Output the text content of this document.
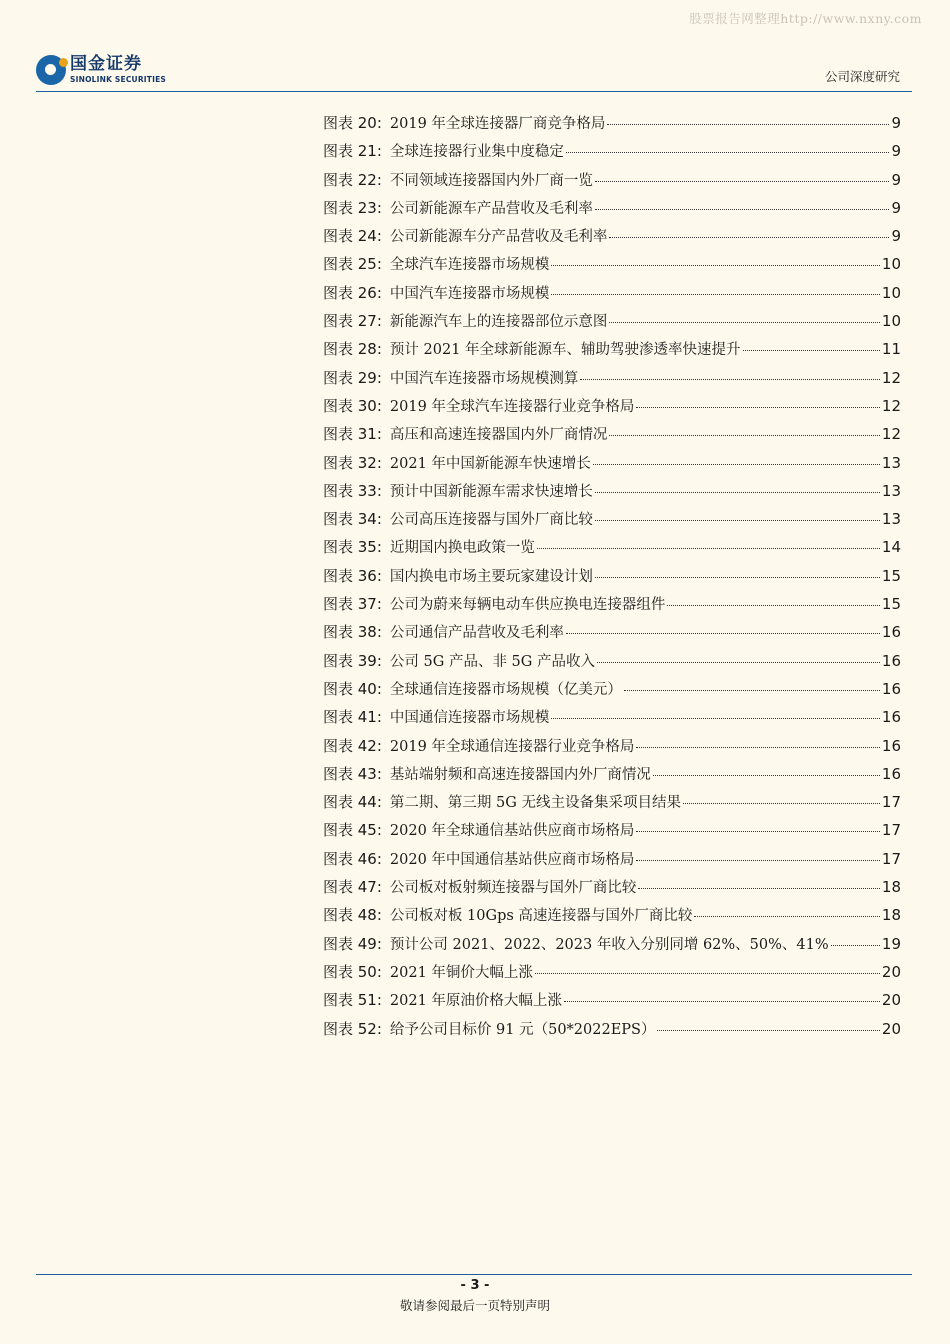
股票报告网整理http://www.nxny.com
国金证券
SINOLINK SECURITIES	公司深度研究
图表 20 : 2019 年全球连接器厂商竞争格局	9
图表 21 : 全球连接器行业集中度稳定	9
图表 22 : 不同领域连接器国内外厂商一览	9
图表 23 : 公司新能源车产品营收及毛利率	9
图表 24 : 公司新能源车分产品营收及毛利率	9
图表 25 : 全球汽车连接器市场规模	10
图表 26 : 中国汽车连接器市场规模	10
图表 27 : 新能源汽车上的连接器部位示意图	10
图表 28 : 预计 2021 年全球新能源车、辅助驾驶渗透率快速提升	11
图表 29 : 中国汽车连接器市场规模测算	12
图表 30 : 2019 年全球汽车连接器行业竞争格局	12
图表 31 : 高压和高速连接器国内外厂商情况	12
图表 32 : 2021 年中国新能源车快速增长	13
图表 33 : 预计中国新能源车需求快速增长	13
图表 34 : 公司高压连接器与国外厂商比较	13
图表 35 : 近期国内换电政策一览	14
图表 36 : 国内换电市场主要玩家建设计划	15
图表 37 : 公司为蔚来每辆电动车供应换电连接器组件	15
图表 38 : 公司通信产品营收及毛利率	16
图表 39 : 公司 5G 产品、非 5G 产品收入	16
图表 40 : 全球通信连接器市场规模（亿美元）	16
图表 41 : 中国通信连接器市场规模	16
图表 42 : 2019 年全球通信连接器行业竞争格局	16
图表 43 : 基站端射频和高速连接器国内外厂商情况	16
图表 44 : 第二期、第三期 5G 无线主设备集采项目结果	17
图表 45 : 2020 年全球通信基站供应商市场格局	17
图表 46 : 2020 年中国通信基站供应商市场格局	17
图表 47 : 公司板对板射频连接器与国外厂商比较	18
图表 48 : 公司板对板 10Gps 高速连接器与国外厂商比较	18
图表 49 : 预计公司 2021、2022、2023 年收入分别同增 62%、50%、41%	19
图表 50 : 2021 年铜价大幅上涨	20
图表 51 : 2021 年原油价格大幅上涨	20
图表 52 : 给予公司目标价 91 元（50*2022EPS）	20
- 3 -
敬请参阅最后一页特别声明
